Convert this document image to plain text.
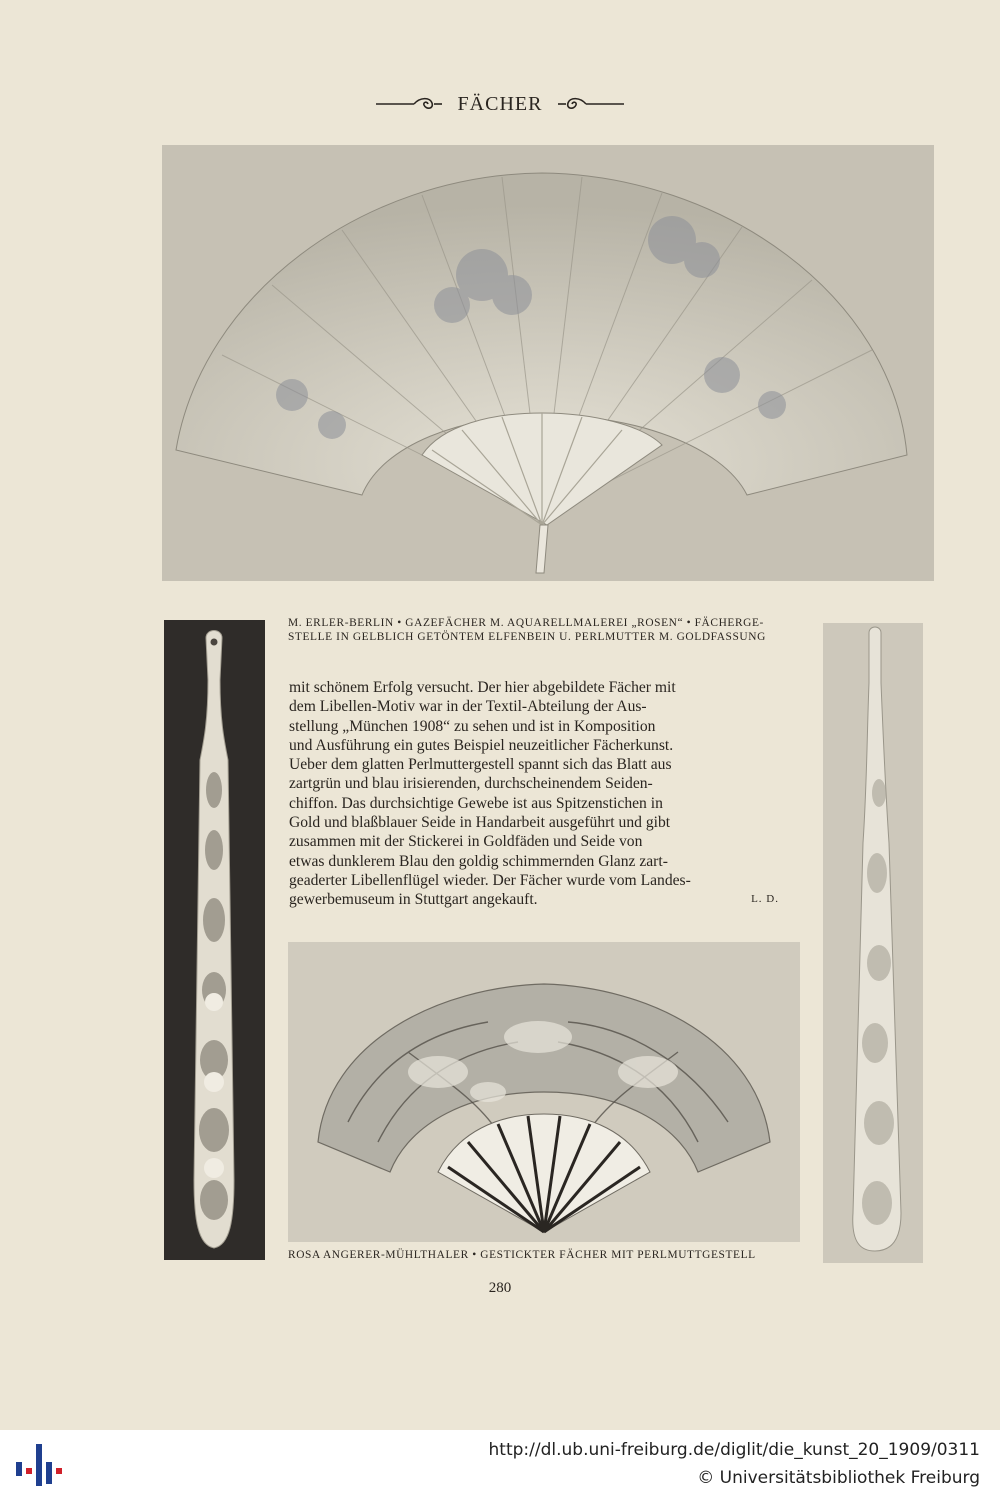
FÄCHER
M. ERLER-BERLIN • GAZEFÄCHER M. AQUARELLMALEREI „ROSEN“ • FÄCHERGE-
STELLE IN GELBLICH GETÖNTEM ELFENBEIN U. PERLMUTTER M. GOLDFASSUNG

mit schönem Erfolg versucht. Der hier abgebildete Fächer mit

dem Libellen-Motiv war in der Textil-Abteilung der Aus-

stellung „München 1908“ zu sehen und ist in Komposition

und Ausführung ein gutes Beispiel neuzeitlicher Fächerkunst.

Ueber dem glatten Perlmuttergestell spannt sich das Blatt aus

zartgrün und blau irisierenden, durchscheinendem Seiden-

chiffon. Das durchsichtige Gewebe ist aus Spitzenstichen in

Gold und blaßblauer Seide in Handarbeit ausgeführt und gibt

zusammen mit der Stickerei in Goldfäden und Seide von

etwas dunklerem Blau den goldig schimmernden Glanz zart-

geaderter Libellenflügel wieder. Der Fächer wurde vom Landes-

gewerbemuseum in Stuttgart angekauft.	L. D.

ROSA ANGERER-MÜHLTHALER • GESTICKTER FÄCHER MIT PERLMUTTGESTELL
280
http://dl.ub.uni-freiburg.de/diglit/die_kunst_20_1909/0311
© Universitätsbibliothek Freiburg
